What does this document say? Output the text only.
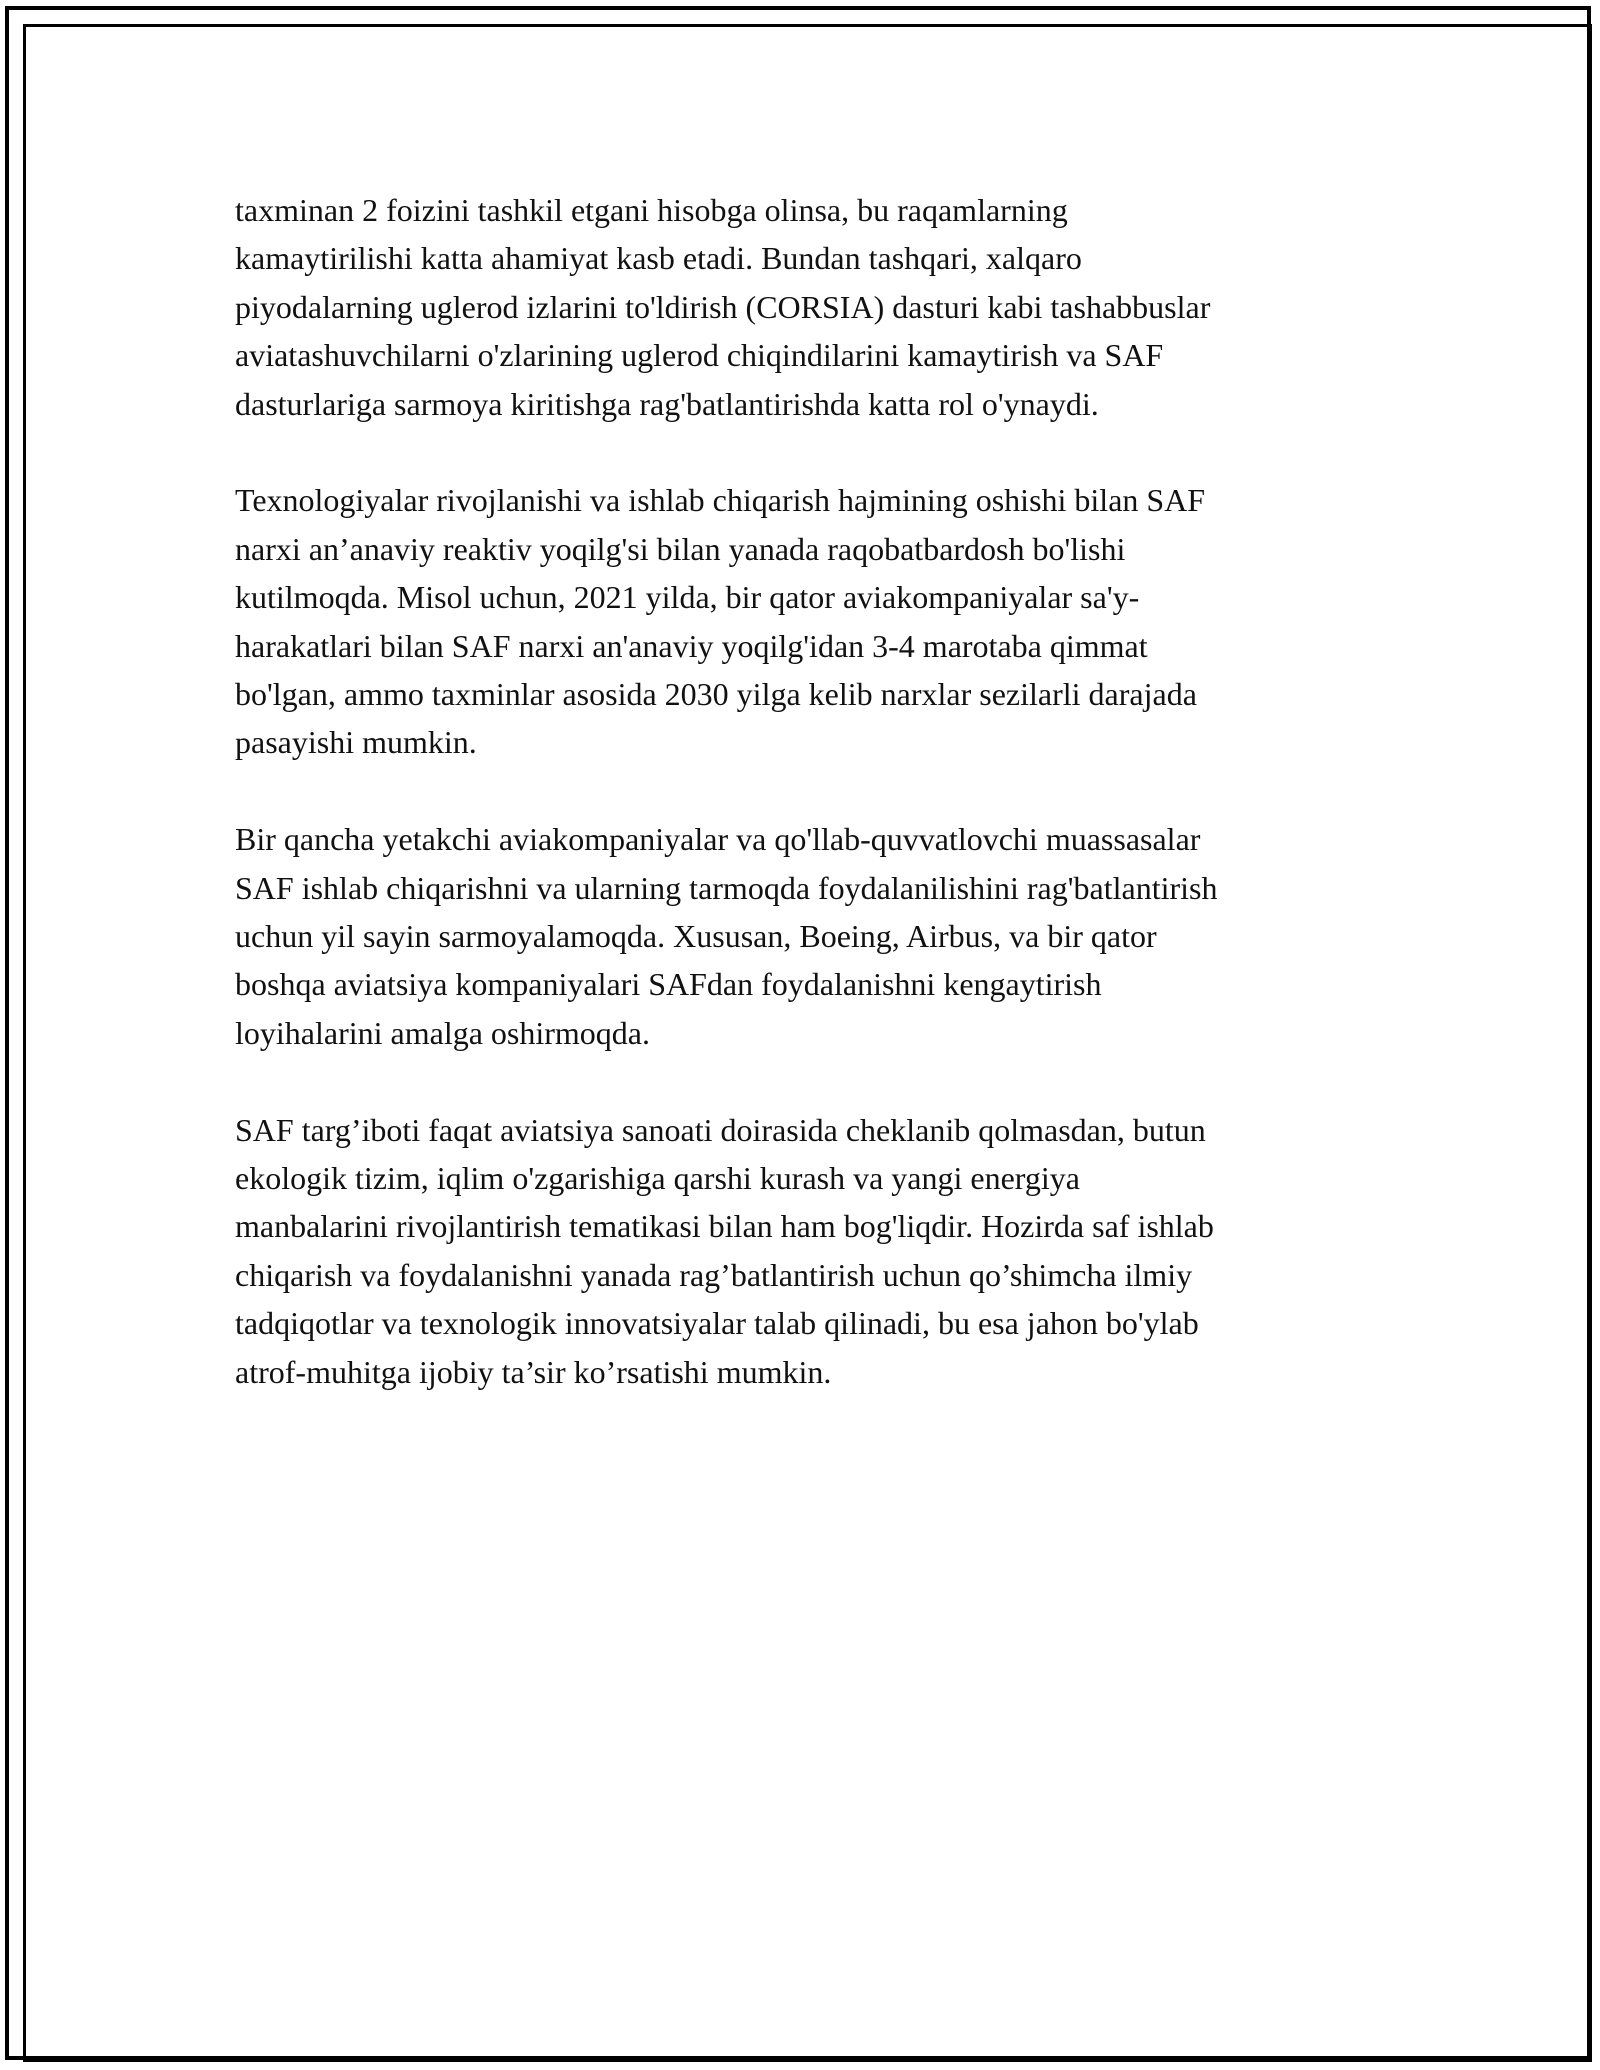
taxminan 2 foizini tashkil etgani hisobga olinsa, bu raqamlarning
kamaytirilishi katta ahamiyat kasb etadi. Bundan tashqari, xalqaro
piyodalarning uglerod izlarini to'ldirish (CORSIA) dasturi kabi tashabbuslar
aviatashuvchilarni o'zlarining uglerod chiqindilarini kamaytirish va SAF
dasturlariga sarmoya kiritishga rag'batlantirishda katta rol o'ynaydi.

Texnologiyalar rivojlanishi va ishlab chiqarish hajmining oshishi bilan SAF
narxi an’anaviy reaktiv yoqilg'si bilan yanada raqobatbardosh bo'lishi
kutilmoqda. Misol uchun, 2021 yilda, bir qator aviakompaniyalar sa'y-
harakatlari bilan SAF narxi an'anaviy yoqilg'idan 3-4 marotaba qimmat
bo'lgan, ammo taxminlar asosida 2030 yilga kelib narxlar sezilarli darajada
pasayishi mumkin.

Bir qancha yetakchi aviakompaniyalar va qo'llab-quvvatlovchi muassasalar
SAF ishlab chiqarishni va ularning tarmoqda foydalanilishini rag'batlantirish
uchun yil sayin sarmoyalamoqda. Xususan, Boeing, Airbus, va bir qator
boshqa aviatsiya kompaniyalari SAFdan foydalanishni kengaytirish
loyihalarini amalga oshirmoqda.

SAF targ’iboti faqat aviatsiya sanoati doirasida cheklanib qolmasdan, butun
ekologik tizim, iqlim o'zgarishiga qarshi kurash va yangi energiya
manbalarini rivojlantirish tematikasi bilan ham bog'liqdir. Hozirda saf ishlab
chiqarish va foydalanishni yanada rag’batlantirish uchun qo’shimcha ilmiy
tadqiqotlar va texnologik innovatsiyalar talab qilinadi, bu esa jahon bo'ylab
atrof-muhitga ijobiy ta’sir ko’rsatishi mumkin.
